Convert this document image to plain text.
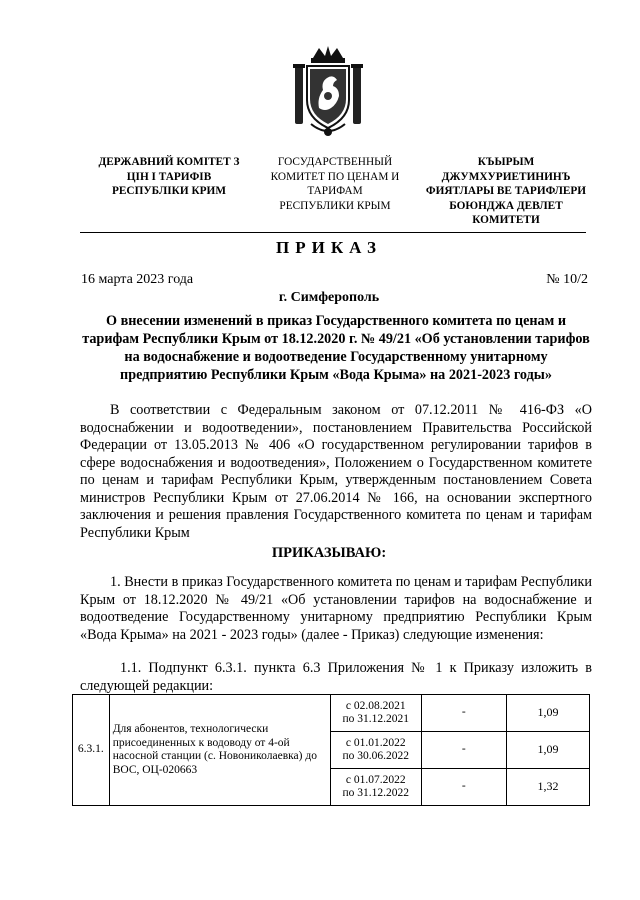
ДЕРЖАВНИЙ КОМІТЕТ З
ЦІН І ТАРИФІВ
РЕСПУБЛІКИ КРИМ
ГОСУДАРСТВЕННЫЙ
КОМИТЕТ ПО ЦЕНАМ И
ТАРИФАМ
РЕСПУБЛИКИ КРЫМ
КЪЫРЫМ
ДЖУМХУРИЕТИНИНЪ
ФИЯТЛАРЫ ВЕ ТАРИФЛЕРИ
БОЮНДЖА ДЕВЛЕТ
КОМИТЕТИ
ПРИКАЗ
16 марта 2023 года	№ 10/2
г. Симферополь
О внесении изменений в приказ Государственного комитета по ценам и тарифам Республики Крым от 18.12.2020 г. № 49/21 «Об установлении тарифов на водоснабжение и водоотведение Государственному унитарному предприятию Республики Крым «Вода Крыма» на 2021-2023 годы»
В соответствии с Федеральным законом от 07.12.2011 № 416-ФЗ «О водоснабжении и водоотведении», постановлением Правительства Российской Федерации от 13.05.2013 № 406 «О государственном регулировании тарифов в сфере водоснабжения и водоотведения», Положением о Государственном комитете по ценам и тарифам Республики Крым, утвержденным постановлением Совета министров Республики Крым от 27.06.2014 № 166, на основании экспертного заключения и решения правления Государственного комитета по ценам и тарифам Республики Крым
ПРИКАЗЫВАЮ:
1. Внести в приказ Государственного комитета по ценам и тарифам Республики Крым от 18.12.2020 № 49/21 «Об установлении тарифов на водоснабжение и водоотведение Государственному унитарному предприятию Республики Крым «Вода Крыма» на 2021 - 2023 годы» (далее - Приказ) следующие изменения:
1.1. Подпункт 6.3.1. пункта 6.3 Приложения № 1 к Приказу изложить в следующей редакции:
6.3.1.	Для абонентов, технологически присоединенных к водоводу от 4-ой насосной станции (с. Новониколаевка) до ВОС, ОЦ-020663	с 02.08.2021
по 31.12.2021	-	1,09

		с 01.01.2022
по 30.06.2022	-	1,09

		с 01.07.2022
по 31.12.2022	-	1,32
